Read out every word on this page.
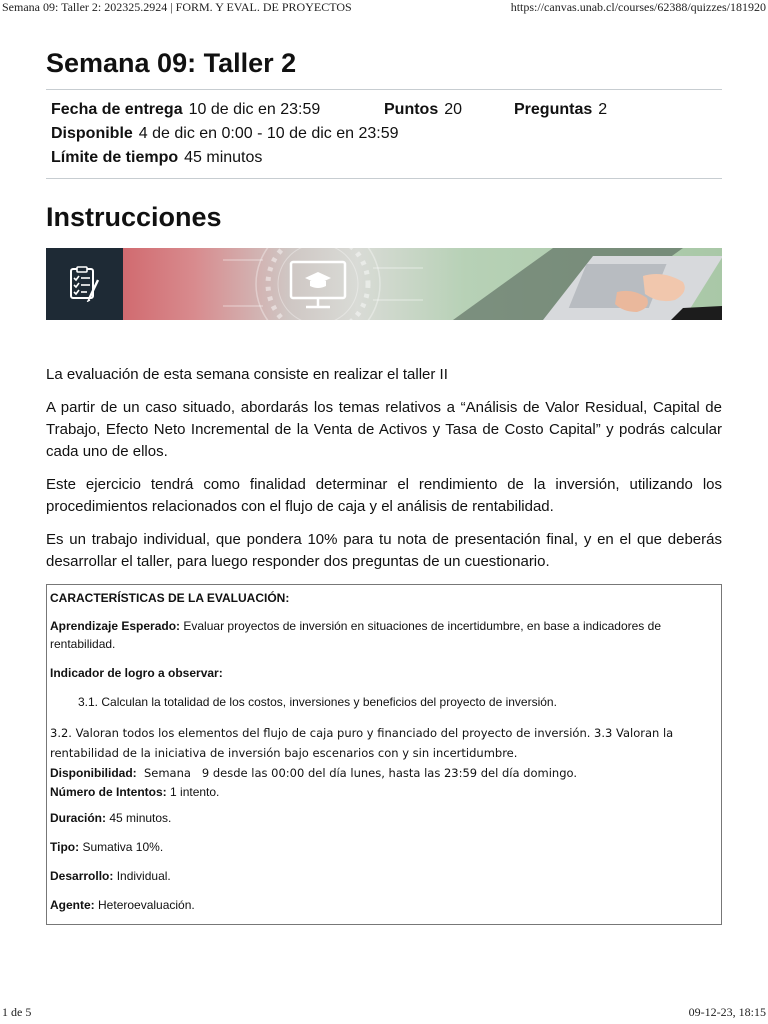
Semana 09: Taller 2: 202325.2924 | FORM. Y EVAL. DE PROYECTOS	https://canvas.unab.cl/courses/62388/quizzes/181920
Semana 09: Taller 2
Fecha de entrega 10 de dic en 23:59	Puntos 20	Preguntas 2
Disponible 4 de dic en 0:00 - 10 de dic en 23:59
Límite de tiempo 45 minutos
Instrucciones

La evaluación de esta semana consiste en realizar el taller II

A partir de un caso situado, abordarás los temas relativos a “Análisis de Valor Residual, Capital de Trabajo, Efecto Neto Incremental de la Venta de Activos y Tasa de Costo Capital” y podrás calcular cada uno de ellos.

Este ejercicio tendrá como finalidad determinar el rendimiento de la inversión, utilizando los procedimientos relacionados con el flujo de caja y el análisis de rentabilidad.

Es un trabajo individual, que pondera 10% para tu nota de presentación final, y en el que deberás desarrollar el taller, para luego responder dos preguntas de un cuestionario.

CARACTERÍSTICAS DE LA EVALUACIÓN:

Aprendizaje Esperado: Evaluar proyectos de inversión en situaciones de incertidumbre, en base a indicadores de rentabilidad.

Indicador de logro a observar:

3.1. Calculan la totalidad de los costos, inversiones y beneficios del proyecto de inversión.

3.2. Valoran todos los elementos del flujo de caja puro y financiado del proyecto de inversión. 3.3 Valoran la rentabilidad de la iniciativa de inversión bajo escenarios con y sin incertidumbre.

Disponibilidad:  Semana   9 desde las 00:00 del día lunes, hasta las 23:59 del día domingo.

Número de Intentos: 1 intento.

Duración: 45 minutos.

Tipo: Sumativa 10%.

Desarrollo: Individual.

Agente: Heteroevaluación.

1 de 5	09-12-23, 18:15
